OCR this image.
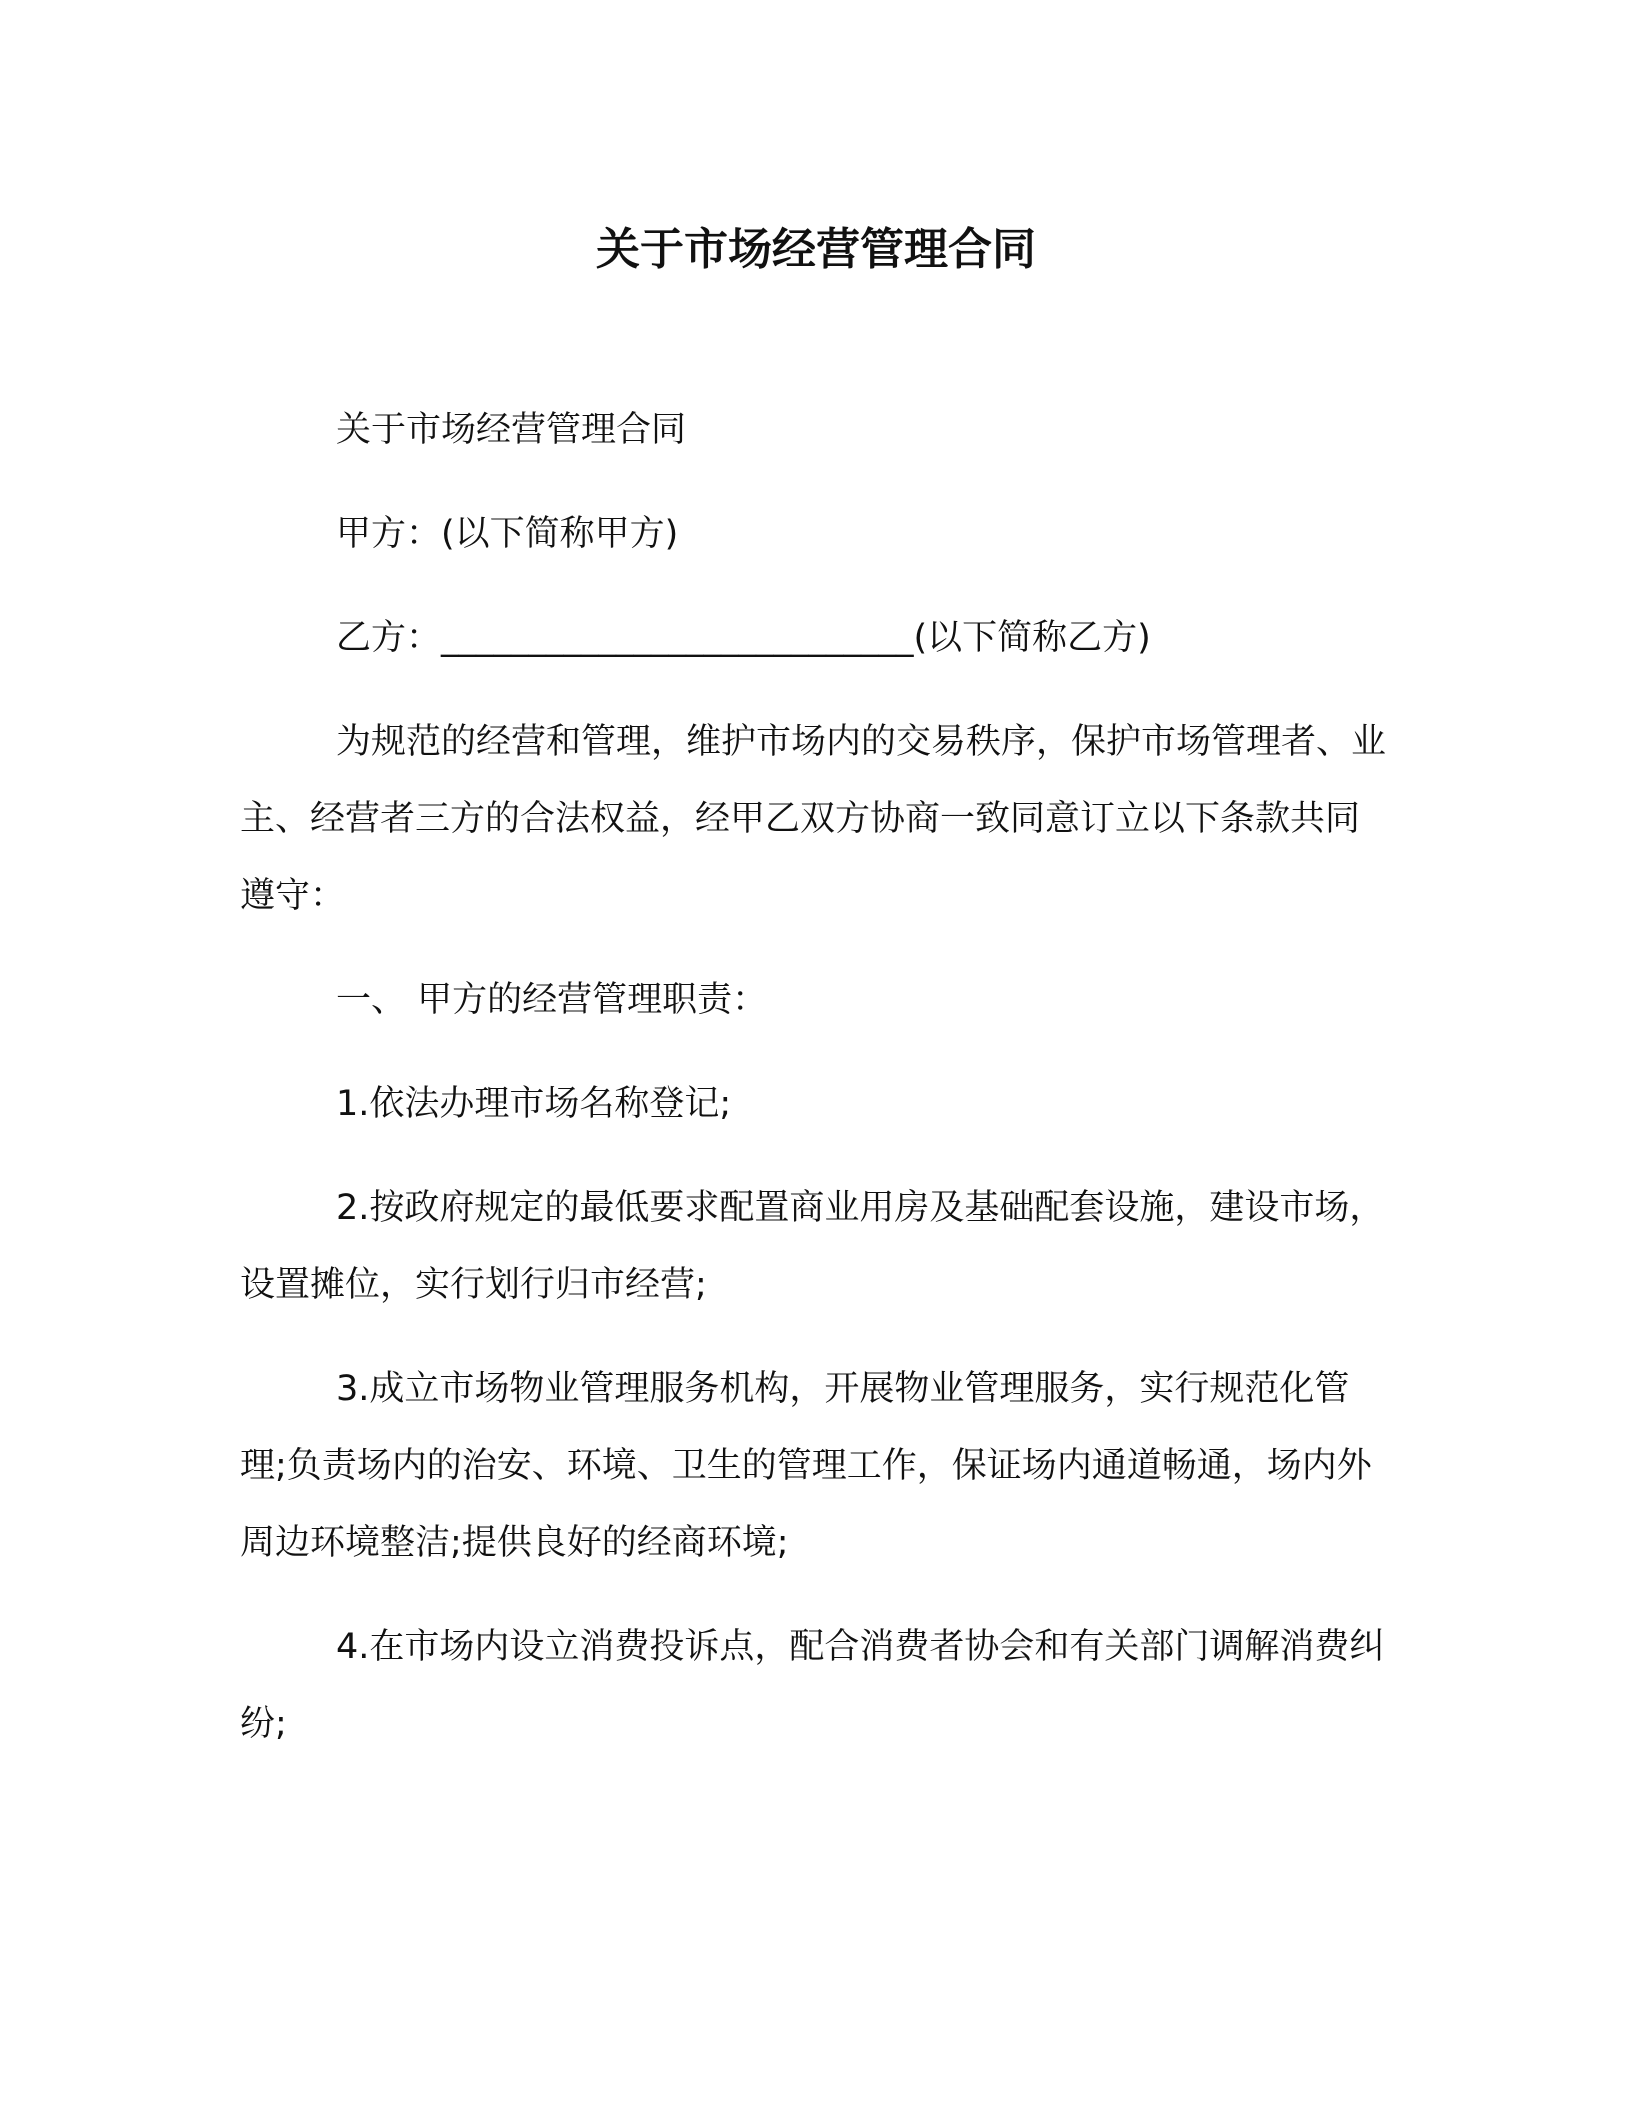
关于市场经营管理合同

关于市场经营管理合同

甲方：(以下简称甲方)

乙方：___________________________(以下简称乙方)

为规范的经营和管理，维护市场内的交易秩序，保护市场管理者、业主、经营者三方的合法权益，经甲乙双方协商一致同意订立以下条款共同遵守：

一、 甲方的经营管理职责：

1.依法办理市场名称登记;

2.按政府规定的最低要求配置商业用房及基础配套设施，建设市场，设置摊位，实行划行归市经营;

3.成立市场物业管理服务机构，开展物业管理服务，实行规范化管理;负责场内的治安、环境、卫生的管理工作，保证场内通道畅通，场内外周边环境整洁;提供良好的经商环境;

4.在市场内设立消费投诉点，配合消费者协会和有关部门调解消费纠纷;
